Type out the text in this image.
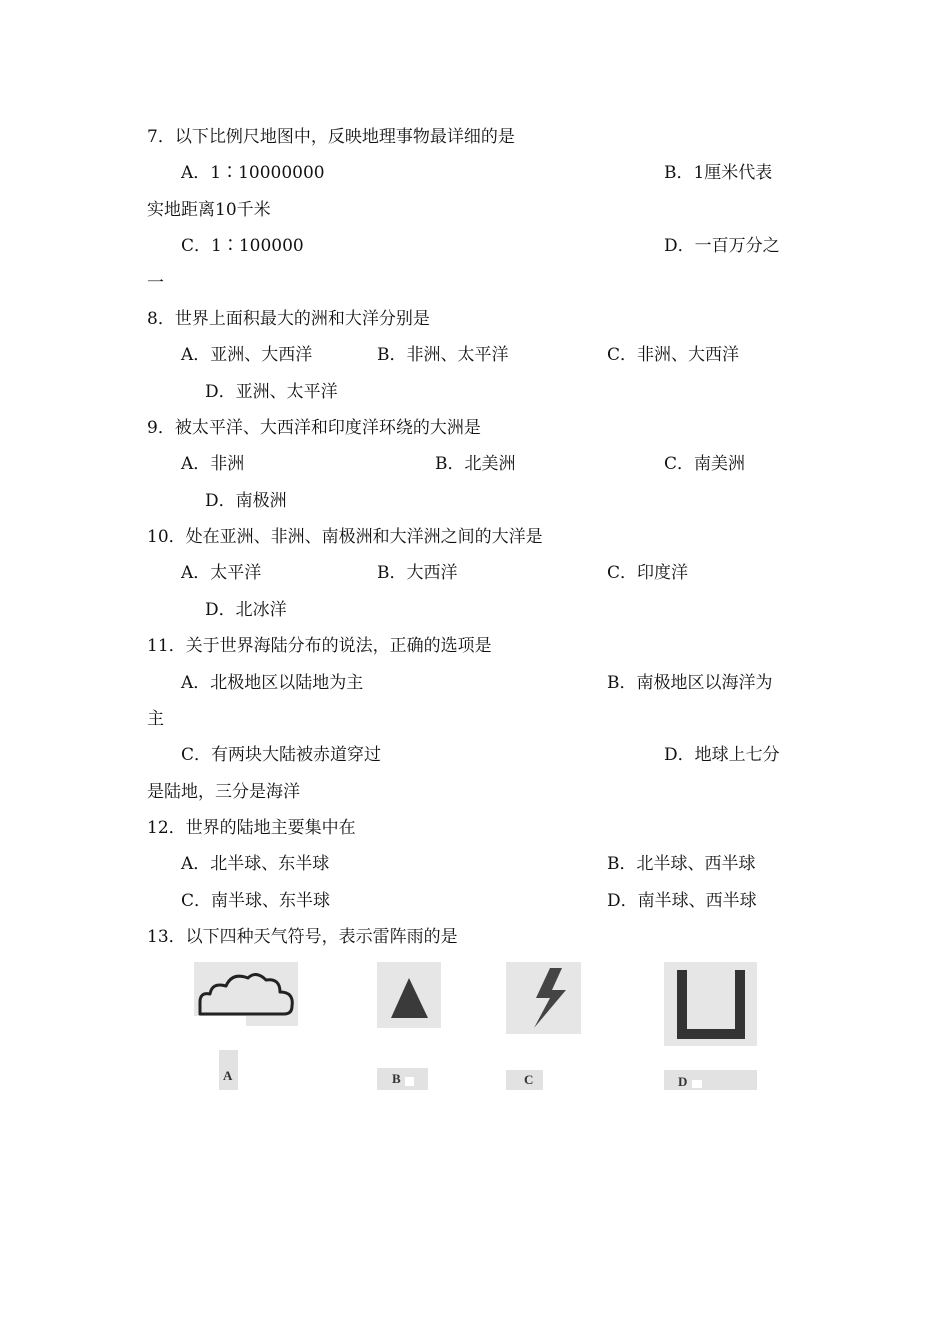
7．以下比例尺地图中，反映地理事物最详细的是
A．1∶10000000	B．1厘米代表
实地距离10千米
C．1∶100000	D．一百万分之
一
8．世界上面积最大的洲和大洋分别是
A．亚洲、大西洋	B．非洲、太平洋	C．非洲、大西洋
D．亚洲、太平洋
9．被太平洋、大西洋和印度洋环绕的大洲是
A．非洲	B．北美洲	C．南美洲
D．南极洲
10．处在亚洲、非洲、南极洲和大洋洲之间的大洋是
A．太平洋	B．大西洋	C．印度洋
D．北冰洋
11．关于世界海陆分布的说法，正确的选项是
A．北极地区以陆地为主	B．南极地区以海洋为
主
C．有两块大陆被赤道穿过	D．地球上七分
是陆地，三分是海洋
12．世界的陆地主要集中在
A．北半球、东半球	B．北半球、西半球
C．南半球、东半球	D．南半球、西半球
13．以下四种天气符号，表示雷阵雨的是
A	B	C	D
